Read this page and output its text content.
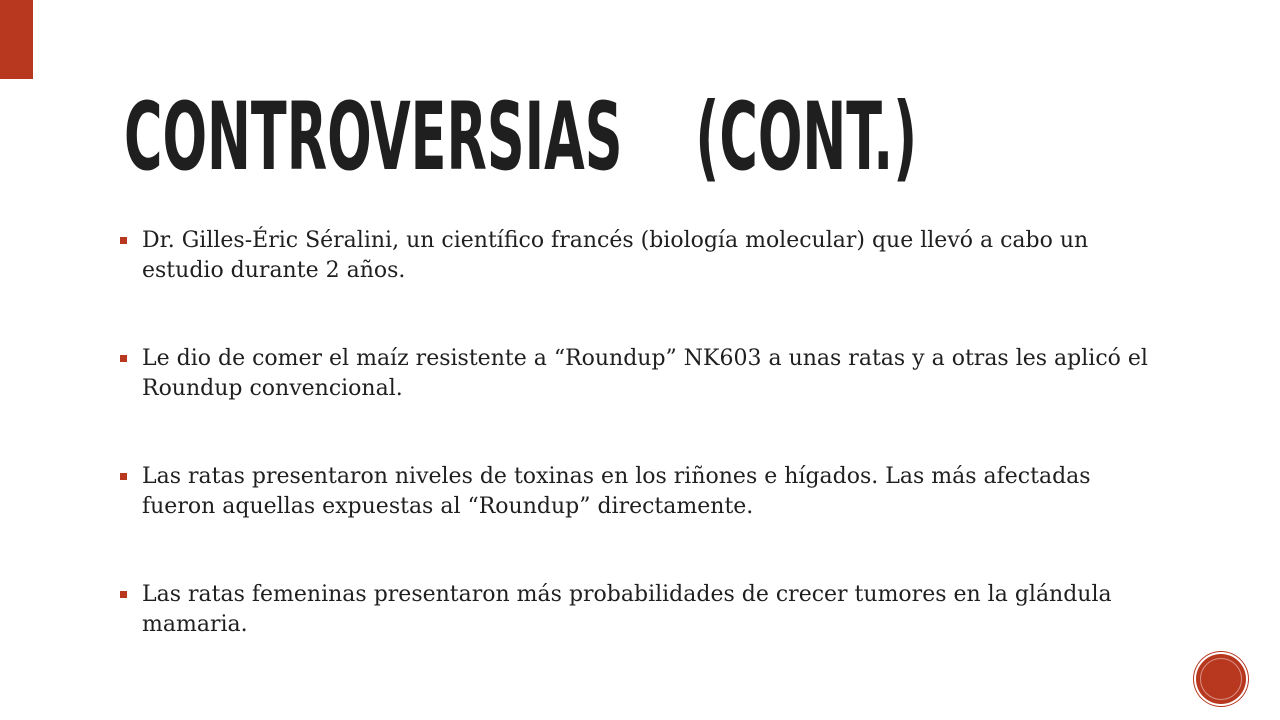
CONTROVERSIAS    (CONT.)
Dr. Gilles-Éric Séralini, un científico francés (biología molecular) que llevó a cabo un estudio durante 2 años.
Le dio de comer el maíz resistente a “Roundup” NK603 a unas ratas y a otras les aplicó el Roundup convencional.
Las ratas presentaron niveles de toxinas en los riñones e hígados. Las más afectadas fueron aquellas expuestas al “Roundup” directamente.
Las ratas femeninas presentaron más probabilidades de crecer tumores en la glándula mamaria.
